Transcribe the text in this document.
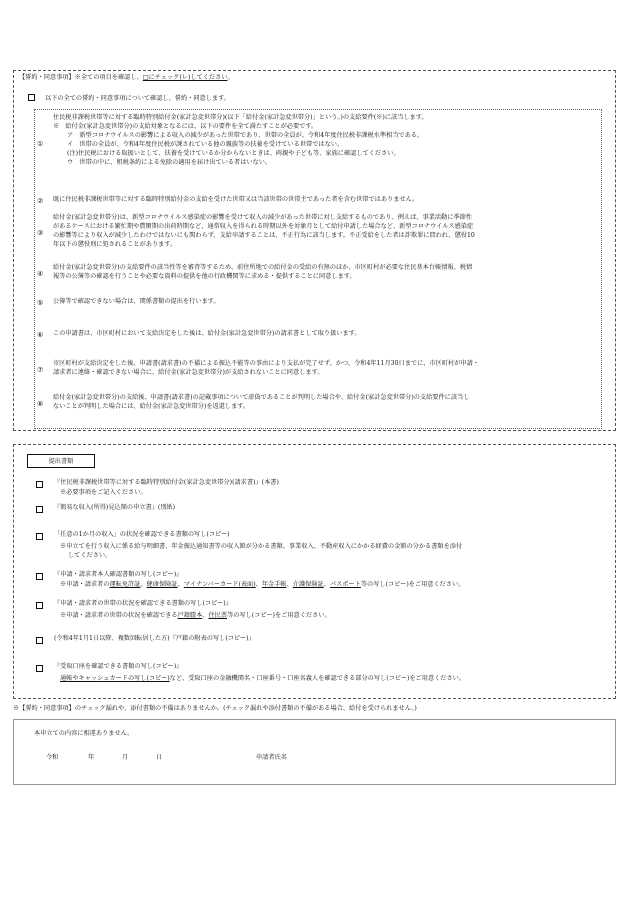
【誓約・同意事項】※全ての項目を確認し、□にチェック(レ)してください。
以下の全ての誓約・同意事項について確認し、誓約・同意します。
①
住民税非課税世帯等に対する臨時特別給付金(家計急変世帯分)(以下「給付金(家計急変世帯分)」という。)の支給要件(※)に該当します。
※　給付金(家計急変世帯分)の支給対象となるには、以下の要件を全て満たすことが必要です。
ア　新型コロナウイルスの影響による収入の減少があった世帯であり、世帯の全員が、令和4年度住民税非課税水準相当である。
イ　世帯の全員が、令和4年度住民税が課されている他の親族等の扶養を受けている世帯ではない。
(注)住民税における取扱いとして、扶養を受けているか分からないときは、両親や子ども等、家族に確認してください。
ウ　世帯の中に、租税条約による免除の適用を届け出ている者はいない。
② 既に住民税非課税世帯等に対する臨時特別給付金の支給を受けた世帯又は当該世帯の世帯主であった者を含む世帯ではありません。
③
給付金(家計急変世帯分)は、新型コロナウイルス感染症の影響を受けて収入の減少があった世帯に対し支給するものであり、例えば、事業活動に季節性
があるケースにおける繁忙期や農閑期の出荷時期など、通常収入を得られる時期以外を対象月として給付申請した場合など、新型コロナウイルス感染症
の影響等により収入が減少したわけではないにも関わらず、支給申請することは、不正行為に該当します。不正受給をした者は詐欺罪に問われ、懲役10
年以下の懲役刑に処されることがあります。
④
給付金(家計急変世帯分)の支給要件の該当性等を審査等するため、前住所地での給付金の受給の有無のほか、市区町村が必要な住民基本台帳情報、税情
報等の公簿等の確認を行うことや必要な資料の提供を他の行政機関等に求める・提供することに同意します。
⑤ 公簿等で確認できない場合は、関係書類の提出を行います。
⑥ この申請書は、市区町村において支給決定をした後は、給付金(家計急変世帯分)の請求書として取り扱います。
⑦
市区町村が支給決定をした後、申請書(請求書)の不備による振込不能等の事由により支払が完了せず、かつ、令和4年11月30日までに、市区町村が申請・
請求者に連絡・確認できない場合に、給付金(家計急変世帯分)が支給されないことに同意します。
⑧
給付金(家計急変世帯分)の支給後、申請書(請求書)の記載事項について虚偽であることが判明した場合や、給付金(家計急変世帯分)の支給要件に該当し
ないことが判明した場合には、給付金(家計急変世帯分)を返還します。
提出書類
『住民税非課税世帯等に対する臨時特別給付金(家計急変世帯分)(請求書)』(本書)
※必要事項をご記入ください。
『簡易な収入(所得)見込額の申立書』(別紙)
「任意の1か月の収入」の状況を確認できる書類の写し(コピー)
※申立てを行う収入に係る給与明細書、年金振込通知書等の収入額が分かる書類、事業収入、不動産収入にかかる経費の金額の分かる書類を添付
してください。
『申請・請求者本人確認書類の写し(コピー)』
※申請・請求者の運転免許証、健康保険証、マイナンバーカード(表面)、年金手帳、介護保険証、パスポート等の写し(コピー)をご用意ください。
『申請・請求者の世帯の状況を確認できる書類の写し(コピー)』
※申請・請求者の世帯の状況を確認できる戸籍謄本、住民票等の写し(コピー)をご用意ください。
(令和4年1月1日以降、複数回転居した方)『戸籍の附表の写し(コピー)』
『受取口座を確認できる書類の写し(コピー)』
通帳やキャッシュカードの写し(コピー)など、受取口座の金融機関名・口座番号・口座名義人を確認できる部分の写し(コピー)をご用意ください。
※【誓約・同意事項】のチェック漏れや、添付書類の不備はありませんか。(チェック漏れや添付書類の不備がある場合、給付を受けられません。)
本申立ての内容に相違ありません。
令和	年	月	日	申請者氏名
